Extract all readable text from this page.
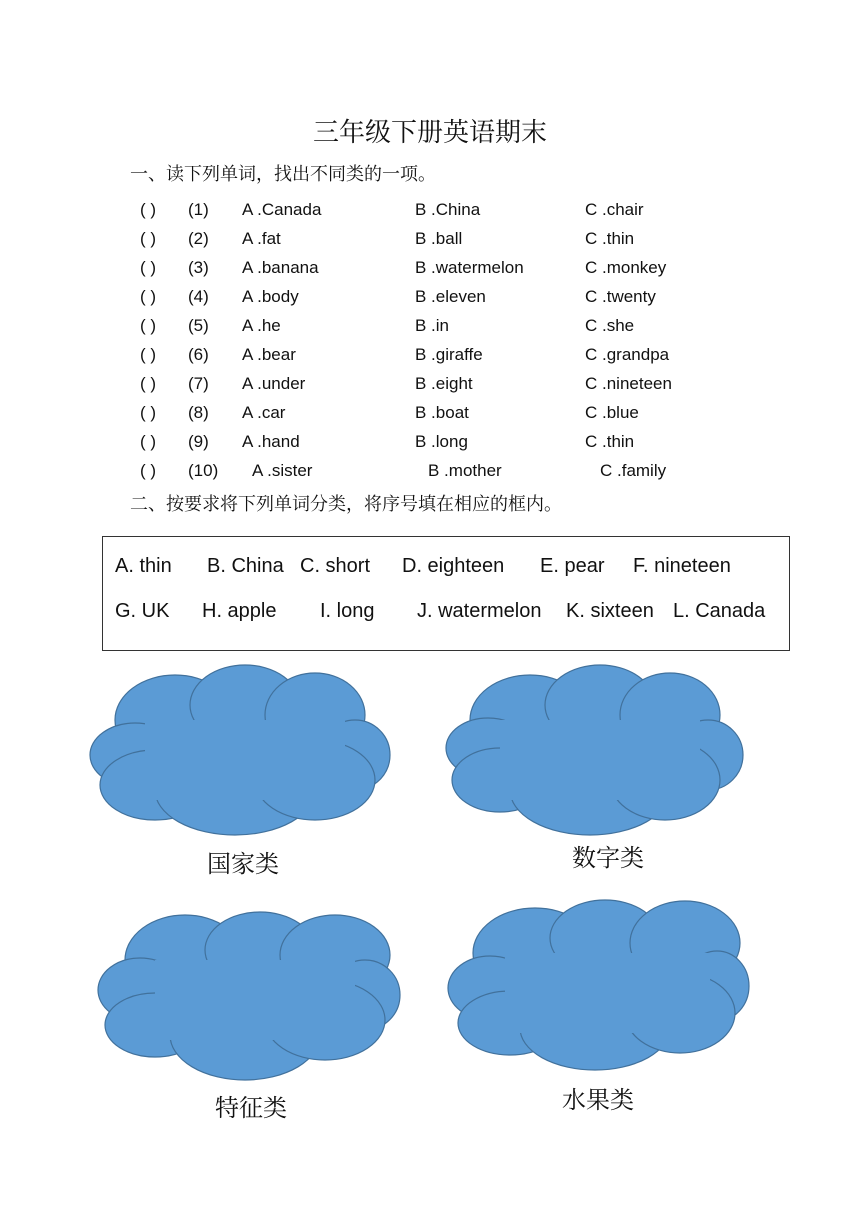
三年级下册英语期末
一、读下列单词，找出不同类的一项。
( ) (1) A .Canada	B .China	C .chair
( ) (2) A .fat	B .ball	C .thin
( ) (3) A .banana	B .watermelon	C .monkey
( ) (4) A .body	B .eleven	C .twenty
( ) (5) A .he	B .in	C .she
( ) (6) A .bear	B .giraffe	C .grandpa
( ) (7) A .under	B .eight	C .nineteen
( ) (8) A .car	B .boat	C .blue
( ) (9) A .hand	B .long	C .thin
( ) (10) A .sister	B .mother	C .family
二、按要求将下列单词分类，将序号填在相应的框内。
A. thin B. China C. short D. eighteen E. pear F. nineteen
G. UK H. apple I. long J. watermelon K. sixteen L. Canada
国家类	数字类
特征类	水果类
